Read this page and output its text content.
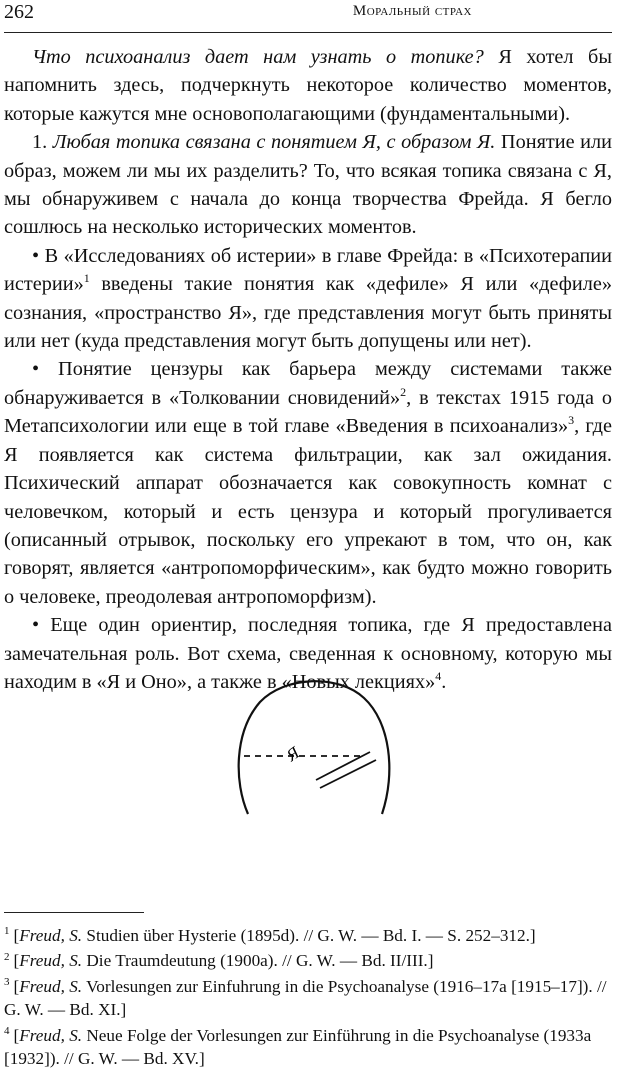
262	Моральный страх

Что психоанализ дает нам узнать о топике? Я хотел бы напомнить здесь, подчеркнуть некоторое количество моментов, которые кажутся мне основополагающими (фундаментальными).

1. Любая топика связана с понятием Я, с образом Я. Понятие или образ, можем ли мы их разделить? То, что всякая топика связана с Я, мы обнаруживем с начала до конца творчества Фрейда. Я бегло сошлюсь на несколько исторических моментов.

• В «Исследованиях об истерии» в главе Фрейда: в «Психотерапии истерии»$^1$ введены такие понятия как «дефиле» Я или «дефиле» сознания, «пространство Я», где представления могут быть приняты или нет (куда представления могут быть допущены или нет).

• Понятие цензуры как барьера между системами также обнаруживается в «Толковании сновидений»$^2$, в текстах 1915 года о Метапсихологии или еще в той главе «Введения в психоанализ»$^3$, где Я появляется как система фильтрации, как зал ожидания. Психический аппарат обозначается как совокупность комнат с человечком, который и есть цензура и который прогуливается (описанный отрывок, поскольку его упрекают в том, что он, как говорят, является «антропоморфическим», как будто можно говорить о человеке, преодолевая антропоморфизм).

• Еще один ориентир, последняя топика, где Я предоставлена замечательная роль. Вот схема, сведенная к основному, которую мы находим в «Я и Оно», а также в «Новых лекциях»$^4$.

Я

$^1$ [Freud, S. Studien über Hysterie (1895d). // G. W. — Bd. I. — S. 252–312.]

$^2$ [Freud, S. Die Traumdeutung (1900a). // G. W. — Bd. II/III.]

$^3$ [Freud, S. Vorlesungen zur Einfuhrung in die Psychoanalyse (1916–17a [1915–17]). // G. W. — Bd. XI.]

$^4$ [Freud, S. Neue Folge der Vorlesungen zur Einführung in die Psychoanalyse (1933a [1932]). // G. W. — Bd. XV.]
